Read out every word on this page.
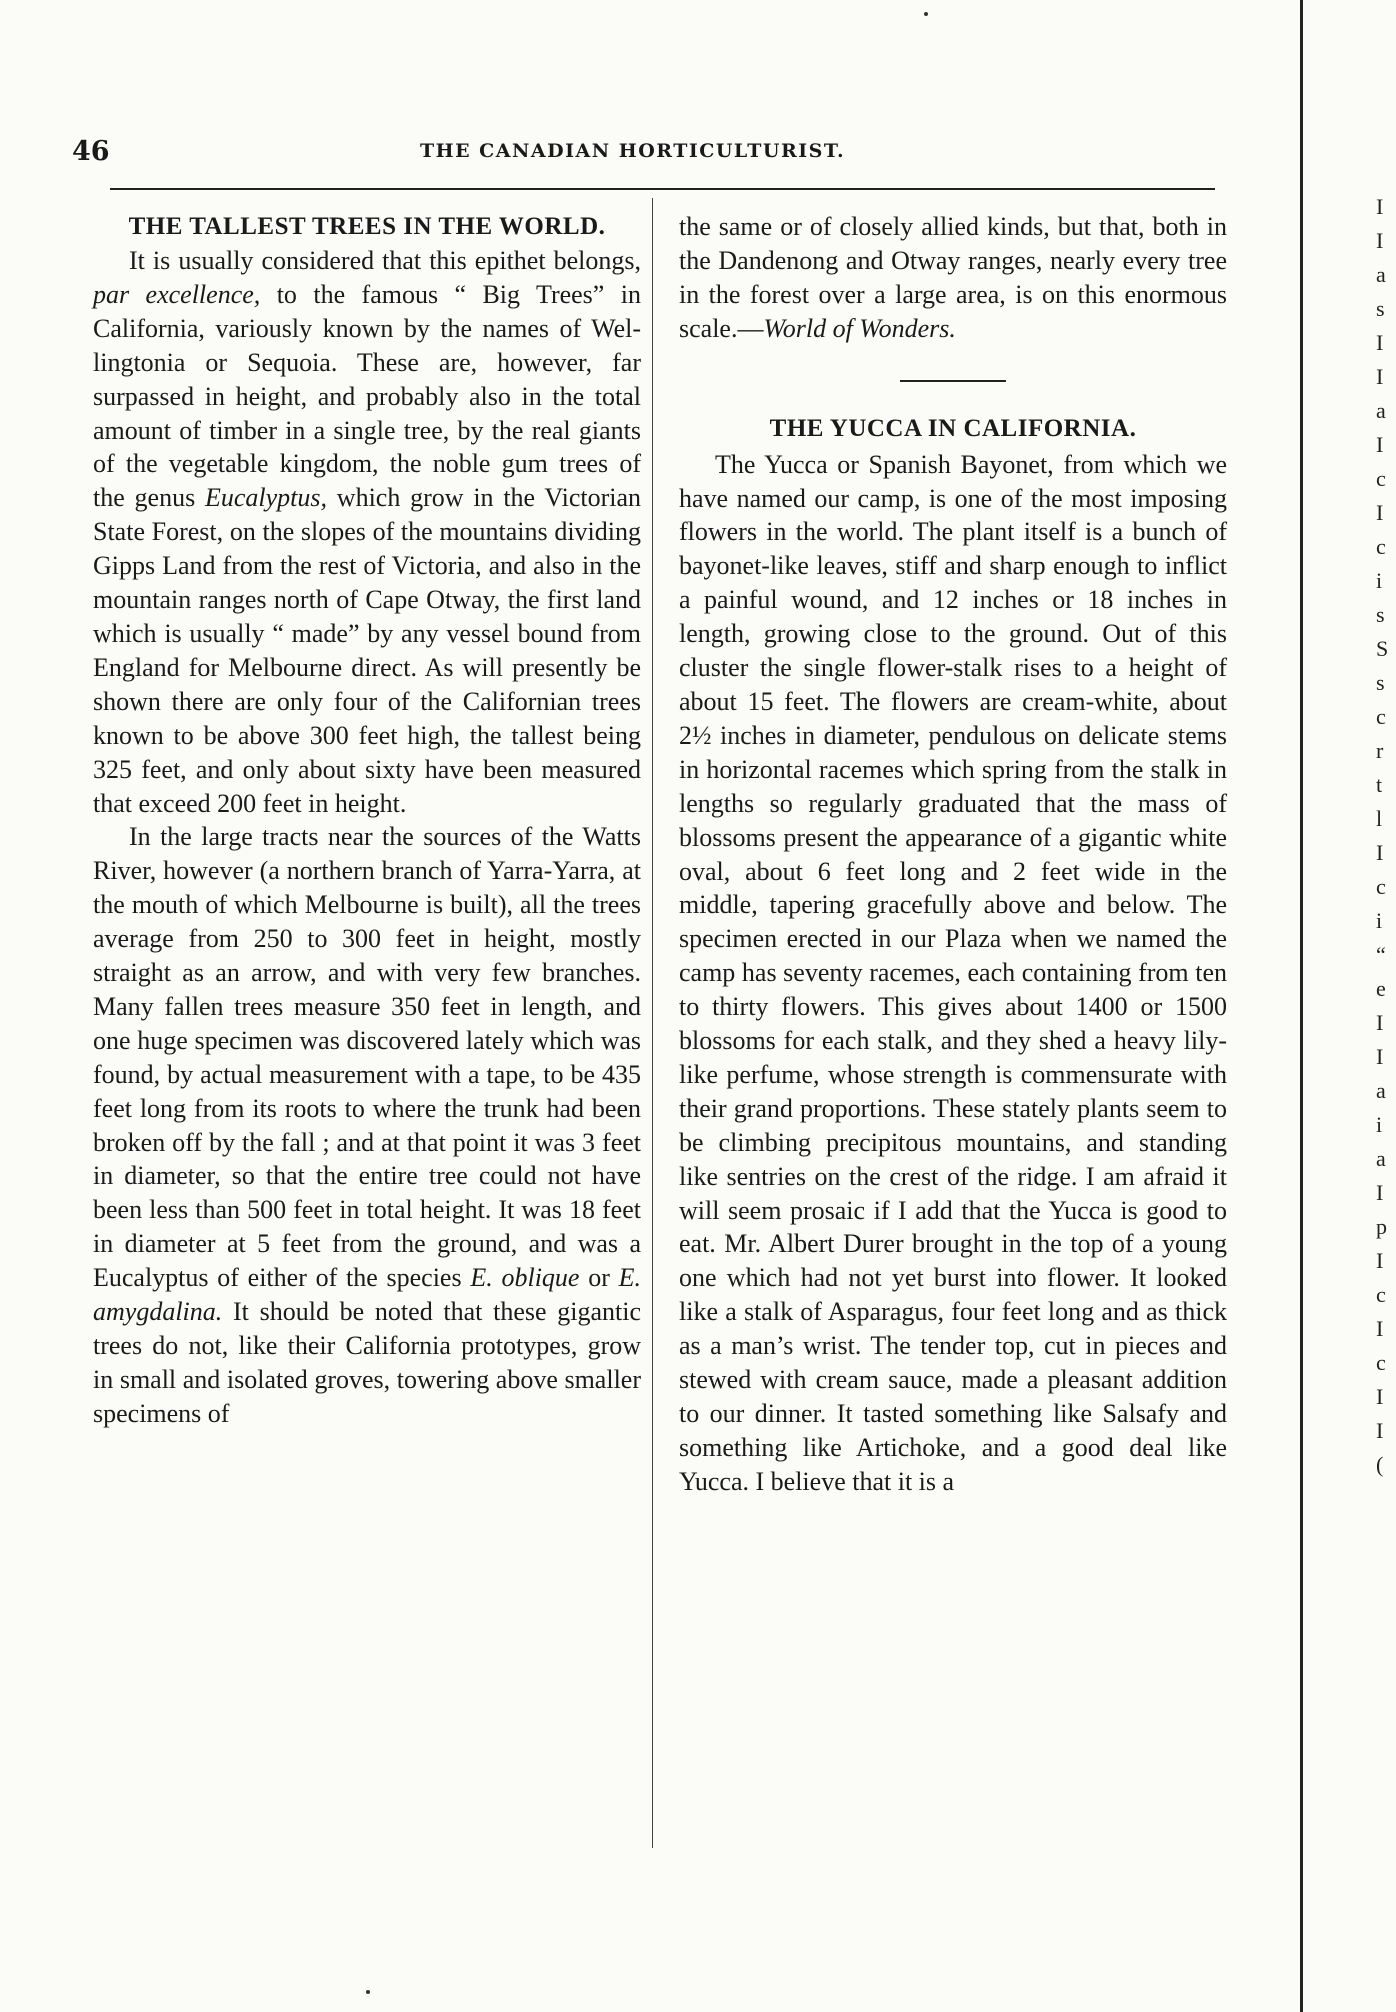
46	THE CANADIAN HORTICULTURIST.
I
I
a
s
I
I
a
I
c
I
c
i
s
S
s
c
r
t
l
I
c
i
“
e
I
I
a
i
a
I
p
I
c
I
c
I
I
(
THE TALLEST TREES IN THE WORLD.

It is usually considered that this epithet belongs, par excellence, to the famous “ Big Trees” in California, variously known by the names of Wellingtonia or Sequoia. These are, however, far surpassed in height, and probably also in the total amount of timber in a single tree, by the real giants of the vegetable kingdom, the noble gum trees of the genus Eucalyptus, which grow in the Victorian State Forest, on the slopes of the mountains dividing Gipps Land from the rest of Victoria, and also in the mountain ranges north of Cape Otway, the first land which is usually “ made” by any vessel bound from England for Melbourne direct. As will presently be shown there are only four of the Californian trees known to be above 300 feet high, the tallest being 325 feet, and only about sixty have been measured that exceed 200 feet in height.

In the large tracts near the sources of the Watts River, however (a northern branch of Yarra-Yarra, at the mouth of which Melbourne is built), all the trees average from 250 to 300 feet in height, mostly straight as an arrow, and with very few branches. Many fallen trees measure 350 feet in length, and one huge specimen was discovered lately which was found, by actual measurement with a tape, to be 435 feet long from its roots to where the trunk had been broken off by the fall ; and at that point it was 3 feet in diameter, so that the entire tree could not have been less than 500 feet in total height. It was 18 feet in diameter at 5 feet from the ground, and was a Eucalyptus of either of the species E. oblique or E. amygdalina. It should be noted that these gigantic trees do not, like their California prototypes, grow in small and isolated groves, towering above smaller specimens of

the same or of closely allied kinds, but that, both in the Dandenong and Otway ranges, nearly every tree in the forest over a large area, is on this enormous scale.—World of Wonders.
THE YUCCA IN CALIFORNIA.

The Yucca or Spanish Bayonet, from which we have named our camp, is one of the most imposing flowers in the world. The plant itself is a bunch of bayonet-like leaves, stiff and sharp enough to inflict a painful wound, and 12 inches or 18 inches in length, growing close to the ground. Out of this cluster the single flower-stalk rises to a height of about 15 feet. The flowers are cream-white, about 2½ inches in diameter, pendulous on delicate stems in horizontal racemes which spring from the stalk in lengths so regularly graduated that the mass of blossoms present the appearance of a gigantic white oval, about 6 feet long and 2 feet wide in the middle, tapering gracefully above and below. The specimen erected in our Plaza when we named the camp has seventy racemes, each containing from ten to thirty flowers. This gives about 1400 or 1500 blossoms for each stalk, and they shed a heavy lily-like perfume, whose strength is commensurate with their grand proportions. These stately plants seem to be climbing precipitous mountains, and standing like sentries on the crest of the ridge. I am afraid it will seem prosaic if I add that the Yucca is good to eat. Mr. Albert Durer brought in the top of a young one which had not yet burst into flower. It looked like a stalk of Asparagus, four feet long and as thick as a man’s wrist. The tender top, cut in pieces and stewed with cream sauce, made a pleasant addition to our dinner. It tasted something like Salsafy and something like Artichoke, and a good deal like Yucca. I believe that it is a
